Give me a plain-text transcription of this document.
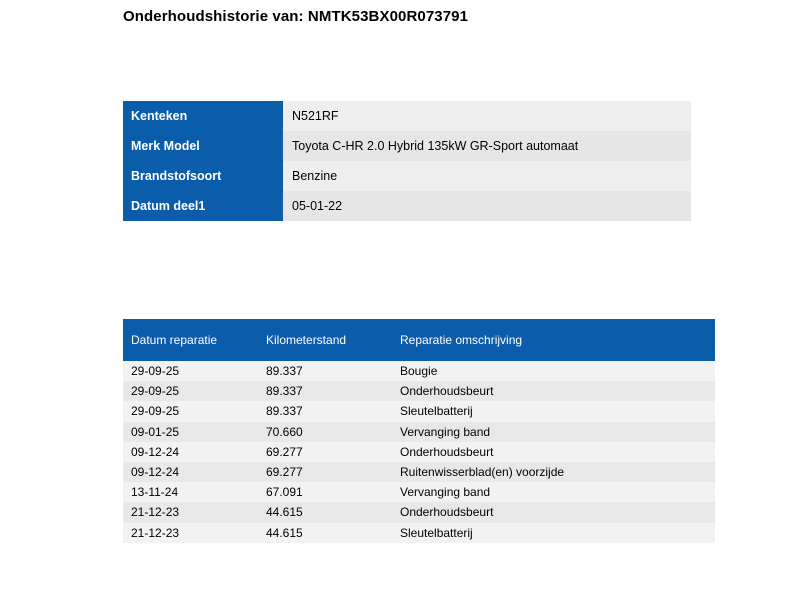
Onderhoudshistorie van: NMTK53BX00R073791
Kenteken	N521RF
Merk Model	Toyota C-HR 2.0 Hybrid 135kW GR-Sport automaat
Brandstofsoort	Benzine
Datum deel1	05-01-22
Datum reparatie	Kilometerstand	Reparatie omschrijving
29-09-25	89.337	Bougie
29-09-25	89.337	Onderhoudsbeurt
29-09-25	89.337	Sleutelbatterij
09-01-25	70.660	Vervanging band
09-12-24	69.277	Onderhoudsbeurt
09-12-24	69.277	Ruitenwisserblad(en) voorzijde
13-11-24	67.091	Vervanging band
21-12-23	44.615	Onderhoudsbeurt
21-12-23	44.615	Sleutelbatterij
